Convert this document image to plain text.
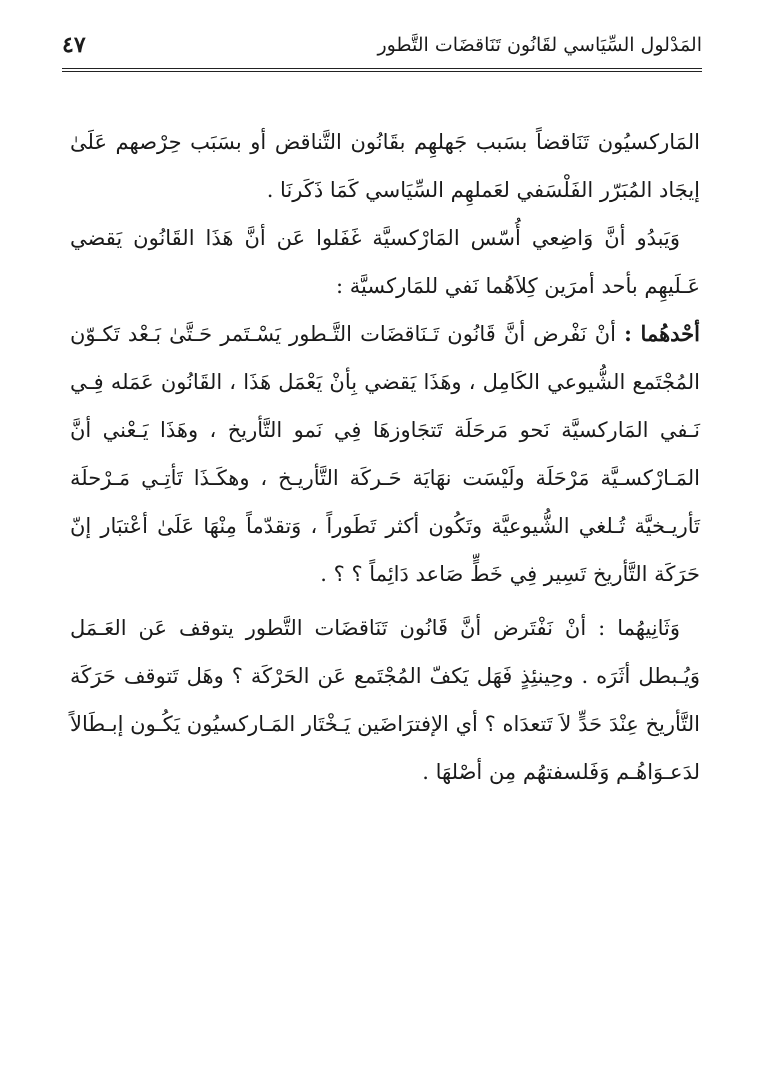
المَدْلول السِّيَاسي لقَانُون تَنَاقضَات التَّطور
٤٧

المَاركسيُون تَنَاقضاً بسَبب جَهلهِم بقَانُون التَّناقض أو بسَبَب حِرْصهم عَلَىٰ إيجَاد المُبَرّر الفَلْسَفي لعَملهِم السِّيَاسي كَمَا ذَكَرنَا .

وَيَبدُو أنَّ وَاضِعي أُسّس المَارْكسيَّة غَفَلوا عَن أنَّ هَذَا القَانُون يَقضي عَـلَيهِم بأحد أمرَين كِلاَهُما نَفي للمَاركسيَّة :

أحْدهُما : أنْ نَفْرض أنَّ قَانُون تَـنَاقضَات التَّـطور يَسْـتَمر حَـتَّىٰ بَـعْد تَكـوّن المُجْتَمع الشُّيوعي الكَامِل ، وهَذَا يَقضي بِأنْ يَعْمَل هَذَا ، القَانُون عَمَله فِـي نَـفي المَاركسيَّة نَحو مَرحَلَة تَتجَاوزهَا فِي نَمو التَّأريخ ، وهَذَا يَـعْني أنَّ المَـارْكسـيَّة مَرْحَلَة ولَيْسَت نهَايَة حَـركَة التَّأريـخ ، وهكَـذَا تَأتِـي مَـرْحلَة تَأريـخيَّة تُـلغي الشُّيوعيَّة وتَكُون أكثر تَطَوراً ، وَتقدّماً مِنْهَا عَلَىٰ أعْتبَار إنّ حَرَكَة التَّأريخ تَسِير فِي خَطٍّ صَاعد دَائِماً ؟ ؟ .

وَثَانِيهُما : أنْ نَفْتَرض أنَّ قَانُون تَنَاقضَات التَّطور يتوقف عَن العَـمَل وَيُـبطل أثَرَه . وحِينئِذٍ فَهَل يَكفّ المُجْتَمع عَن الحَرْكَة ؟ وهَل تَتوقف حَرَكَة التَّأريخ عِنْدَ حَدٍّ لاَ تَتعدَاه ؟ أي الإفترَاضَين يَـخْتَار المَـاركسيُون يَكُـون إبـطَالاً لدَعـوَاهُـم وَفَلسفتهُم مِن أصْلهَا .
